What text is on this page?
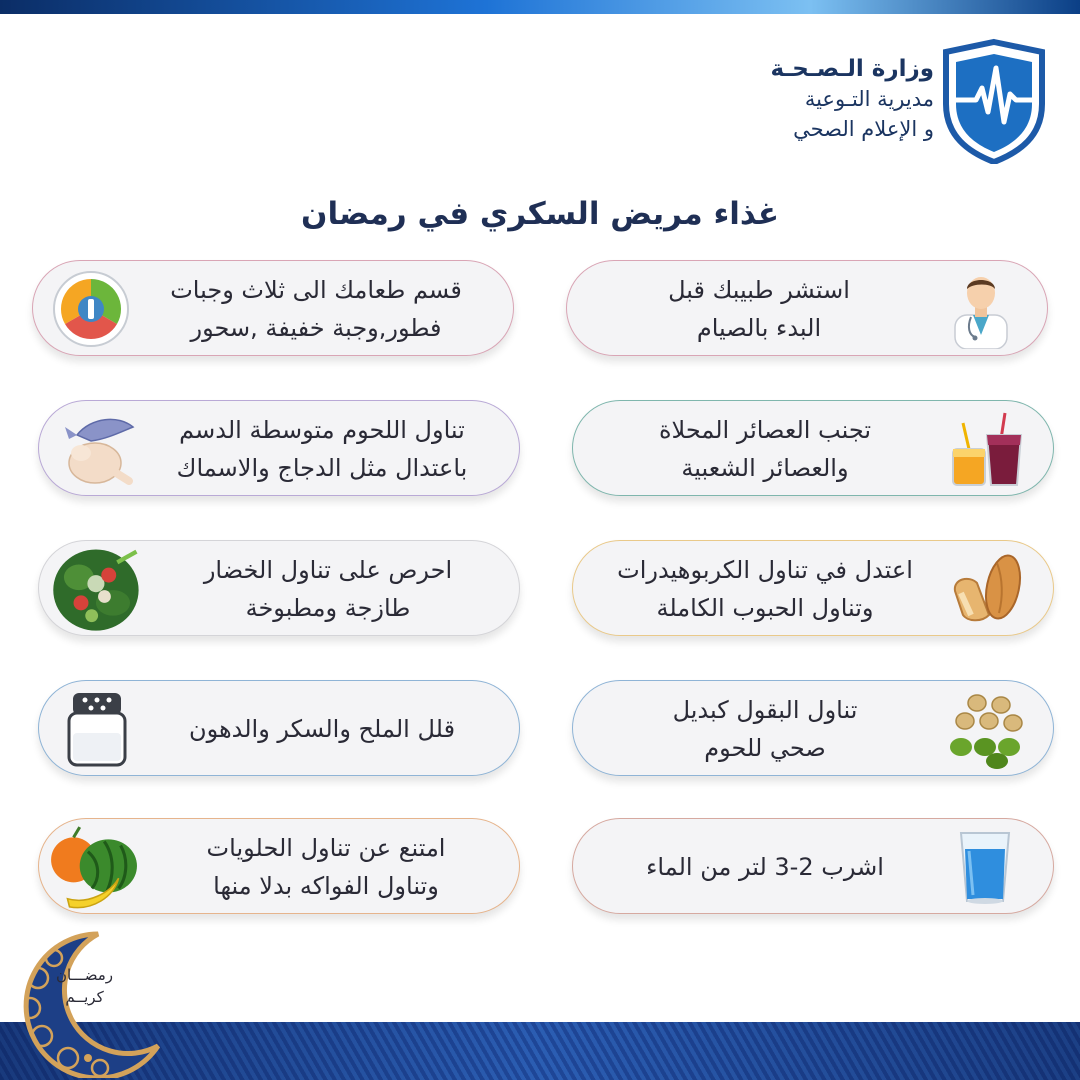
وزارة الـصـحـة
مديرية التـوعية
و الإعلام الصحي
غذاء مريض السكري في رمضان
استشر طبيبك قبل
البدء بالصيام
تجنب العصائر المحلاة
والعصائر الشعبية
اعتدل في تناول الكربوهيدرات
وتناول الحبوب الكاملة
تناول البقول كبديل
صحي للحوم
اشرب 2-3 لتر من الماء
قسم طعامك الى ثلاث وجبات
فطور,وجبة خفيفة ,سحور
تناول اللحوم متوسطة الدسم
باعتدال مثل الدجاج والاسماك
احرص على تناول الخضار
طازجة ومطبوخة
قلل الملح والسكر والدهون
امتنع عن تناول الحلويات
وتناول الفواكه بدلا منها
رمضـــان
كريــم
